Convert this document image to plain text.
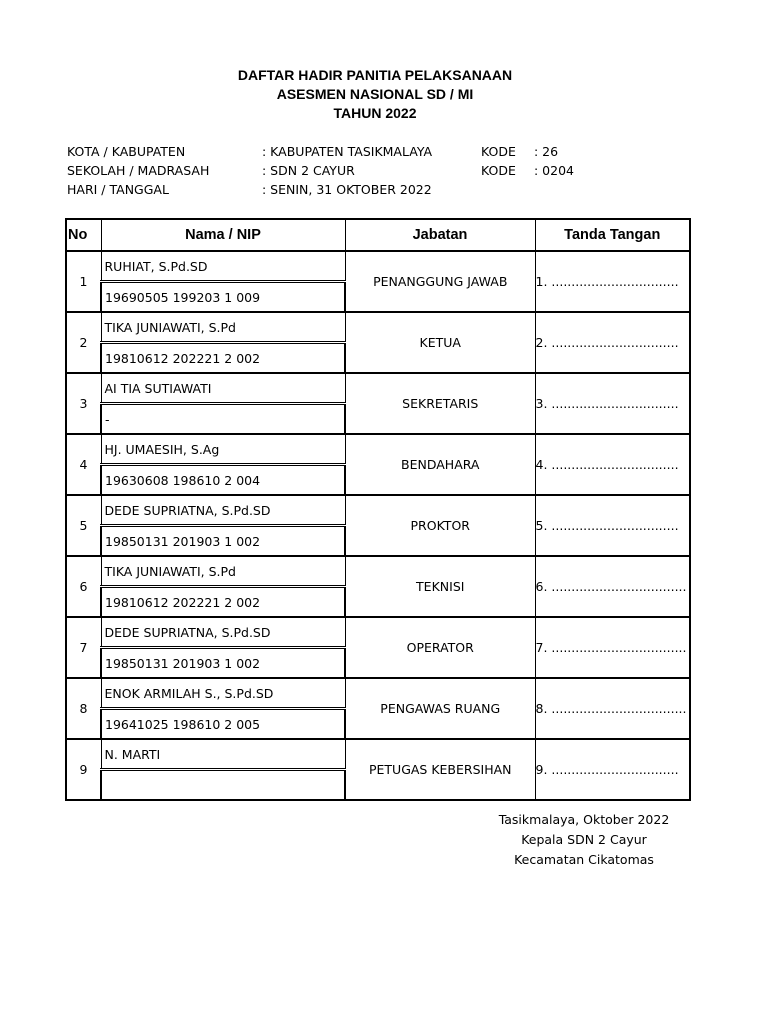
DAFTAR HADIR PANITIA PELAKSANAAN
ASESMEN NASIONAL SD / MI
TAHUN 2022
KOTA / KABUPATEN	: KABUPATEN TASIKMALAYA	KODE : 26
SEKOLAH / MADRASAH	: SDN 2 CAYUR	KODE : 0204
HARI / TANGGAL	: SENIN, 31 OKTOBER 2022
No	Nama / NIP	Jabatan	Tanda Tangan
1	RUHIAT, S.Pd.SD	PENANGGUNG JAWAB	1. ................................
	19690505 199203 1 009		
2	TIKA JUNIAWATI, S.Pd	KETUA	2. ................................
	19810612 202221 2 002		
3	AI TIA SUTIAWATI	SEKRETARIS	3. ................................
	-		
4	HJ. UMAESIH, S.Ag	BENDAHARA	4. ................................
	19630608 198610 2 004		
5	DEDE SUPRIATNA, S.Pd.SD	PROKTOR	5. ................................
	19850131 201903 1 002		
6	TIKA JUNIAWATI, S.Pd	TEKNISI	6. ..................................
	19810612 202221 2 002		
7	DEDE SUPRIATNA, S.Pd.SD	OPERATOR	7. ..................................
	19850131 201903 1 002		
8	ENOK ARMILAH S., S.Pd.SD	PENGAWAS RUANG	8. ..................................
	19641025 198610 2 005		
9	N. MARTI	PETUGAS KEBERSIHAN	9. ................................

Tasikmalaya, Oktober 2022
Kepala SDN 2 Cayur
Kecamatan Cikatomas
